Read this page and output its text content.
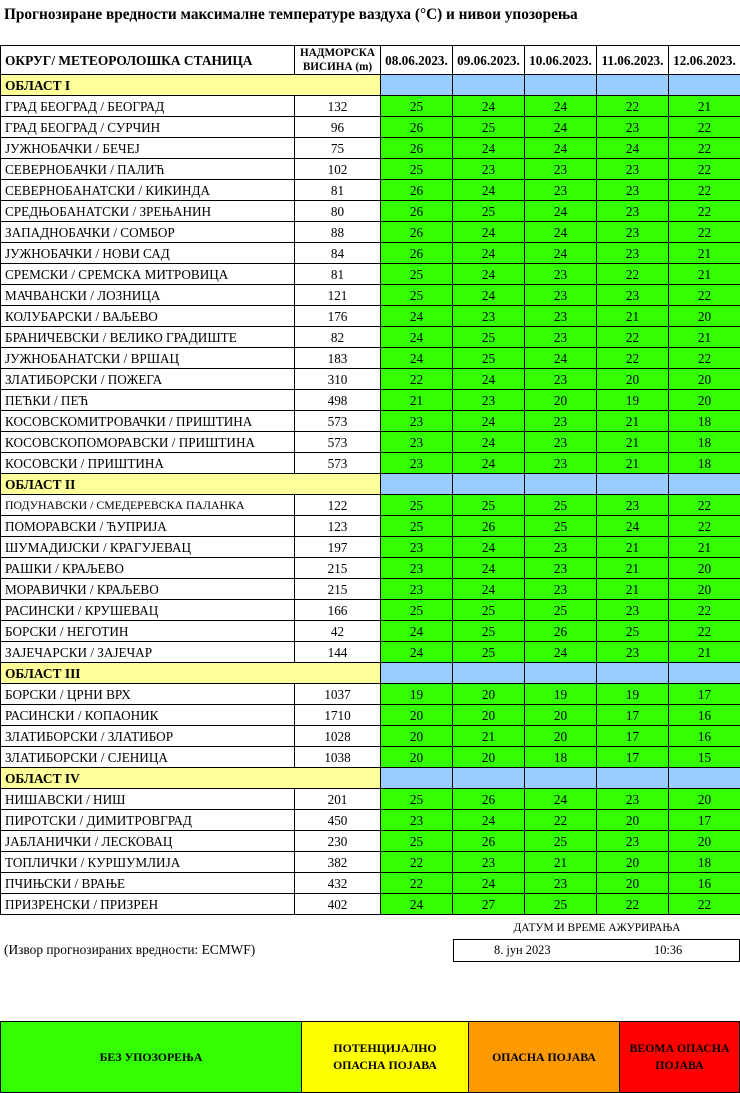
Прогнозиране вредности максималне температуре ваздуха (°C) и нивои упозорења
ОКРУГ/ МЕТЕОРОЛОШКА СТАНИЦА	НАДМОРСКА ВИСИНА (m)	08.06.2023.	09.06.2023.	10.06.2023.	11.06.2023.	12.06.2023.
ОБЛАСТ I						
ГРАД БЕОГРАД / БЕОГРАД	132	25	24	24	22	21
ГРАД БЕОГРАД / СУРЧИН	96	26	25	24	23	22
ЈУЖНОБАЧКИ / БЕЧЕЈ	75	26	24	24	24	22
СЕВЕРНОБАЧКИ / ПАЛИЋ	102	25	23	23	23	22
СЕВЕРНОБАНАТСКИ / КИКИНДА	81	26	24	23	23	22
СРЕДЊОБАНАТСКИ / ЗРЕЊАНИН	80	26	25	24	23	22
ЗАПАДНОБАЧКИ / СОМБОР	88	26	24	24	23	22
ЈУЖНОБАЧКИ / НОВИ САД	84	26	24	24	23	21
СРЕМСКИ / СРЕМСКА МИТРОВИЦА	81	25	24	23	22	21
МАЧВАНСКИ / ЛОЗНИЦА	121	25	24	23	23	22
КОЛУБАРСКИ / ВАЉЕВО	176	24	23	23	21	20
БРАНИЧЕВСКИ / ВЕЛИКО ГРАДИШТЕ	82	24	25	23	22	21
ЈУЖНОБАНАТСКИ / ВРШАЦ	183	24	25	24	22	22
ЗЛАТИБОРСКИ / ПОЖЕГА	310	22	24	23	20	20
ПЕЋКИ / ПЕЋ	498	21	23	20	19	20
КОСОВСКОМИТРОВАЧКИ / ПРИШТИНА	573	23	24	23	21	18
КОСОВСКОПОМОРАВСКИ / ПРИШТИНА	573	23	24	23	21	18
КОСОВСКИ / ПРИШТИНА	573	23	24	23	21	18
ОБЛАСТ II						
ПОДУНАВСКИ / СМЕДЕРЕВСКА ПАЛАНКА	122	25	25	25	23	22
ПОМОРАВСКИ / ЋУПРИЈА	123	25	26	25	24	22
ШУМАДИЈСКИ / КРАГУЈЕВАЦ	197	23	24	23	21	21
РАШКИ / КРАЉЕВО	215	23	24	23	21	20
МОРАВИЧКИ / КРАЉЕВО	215	23	24	23	21	20
РАСИНСКИ / КРУШЕВАЦ	166	25	25	25	23	22
БОРСКИ / НЕГОТИН	42	24	25	26	25	22
ЗАЈЕЧАРСКИ / ЗАЈЕЧАР	144	24	25	24	23	21
ОБЛАСТ III						
БОРСКИ / ЦРНИ ВРХ	1037	19	20	19	19	17
РАСИНСКИ / КОПАОНИК	1710	20	20	20	17	16
ЗЛАТИБОРСКИ / ЗЛАТИБОР	1028	20	21	20	17	16
ЗЛАТИБОРСКИ / СЈЕНИЦА	1038	20	20	18	17	15
ОБЛАСТ IV						
НИШАВСКИ / НИШ	201	25	26	24	23	20
ПИРОТСКИ / ДИМИТРОВГРАД	450	23	24	22	20	17
ЈАБЛАНИЧКИ / ЛЕСКОВАЦ	230	25	26	25	23	20
ТОПЛИЧКИ / КУРШУМЛИЈА	382	22	23	21	20	18
ПЧИЊСКИ / ВРАЊЕ	432	22	24	23	20	16
ПРИЗРЕНСКИ / ПРИЗРЕН	402	24	27	25	22	22
ДАТУМ И ВРЕМЕ АЖУРИРАЊА
8. јун 2023	10:36
(Извор прогнозираних вредности: ECMWF)
БЕЗ УПОЗОРЕЊА	ПОТЕНЦИЈАЛНО ОПАСНА ПОЈАВА	ОПАСНА ПОЈАВА	ВЕОМА ОПАСНА ПОЈАВА
